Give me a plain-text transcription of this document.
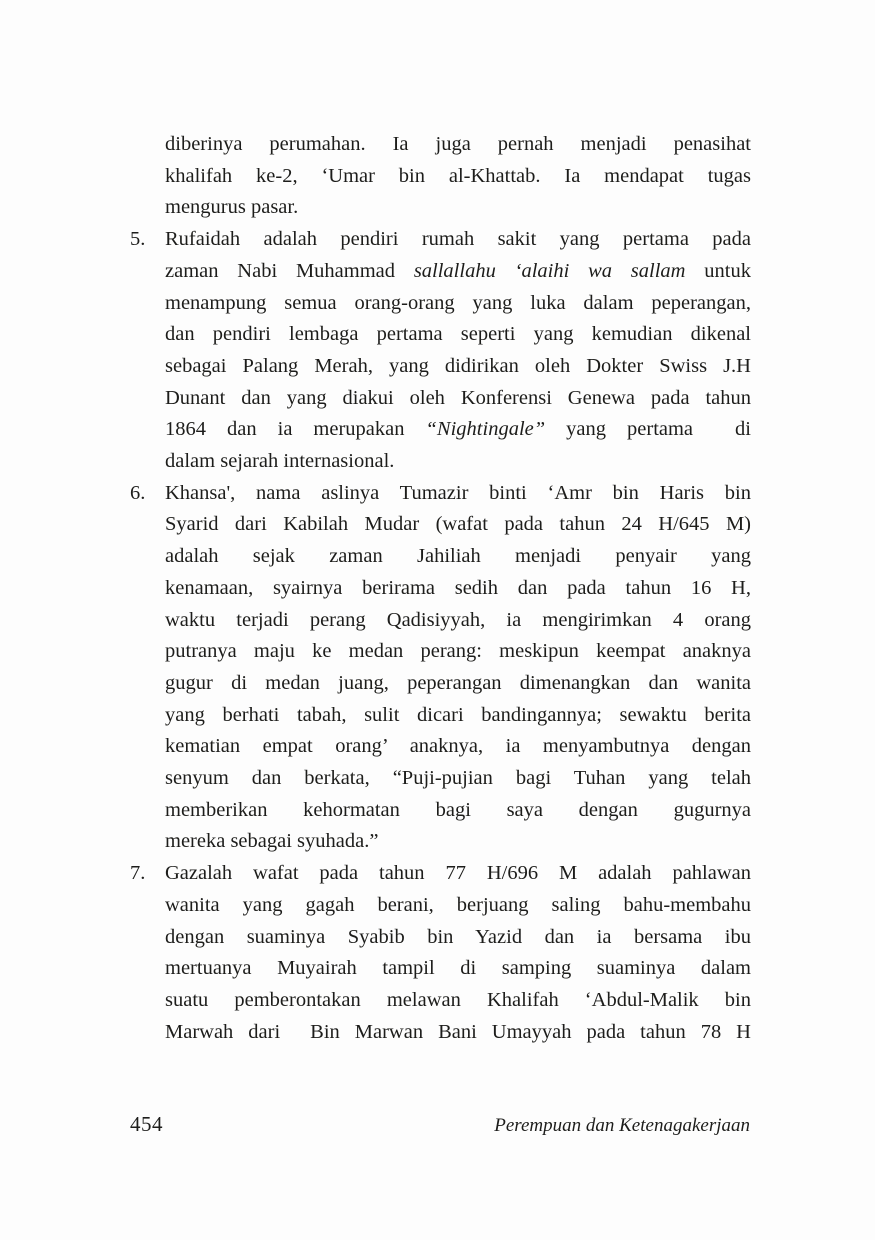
diberinya perumahan. Ia juga pernah menjadi penasihat
khalifah ke-2, ‘Umar bin al-Khattab. Ia mendapat tugas
mengurus pasar.
5. Rufaidah adalah pendiri rumah sakit yang pertama pada
zaman Nabi Muhammad sallallahu ‘alaihi wa sallam untuk
menampung semua orang-orang yang luka dalam peperangan,
dan pendiri lembaga pertama seperti yang kemudian dikenal
sebagai Palang Merah, yang didirikan oleh Dokter Swiss J.H
Dunant dan yang diakui oleh Konferensi Genewa pada tahun
1864 dan ia merupakan “Nightingale” yang pertama  di
dalam sejarah internasional.
6. Khansa', nama aslinya Tumazir binti ‘Amr bin Haris bin
Syarid dari Kabilah Mudar (wafat pada tahun 24 H/645 M)
adalah sejak zaman Jahiliah menjadi penyair yang
kenamaan, syairnya berirama sedih dan pada tahun 16 H,
waktu terjadi perang Qadisiyyah, ia mengirimkan 4 orang
putranya maju ke medan perang: meskipun keempat anaknya
gugur di medan juang, peperangan dimenangkan dan wanita
yang berhati tabah, sulit dicari bandingannya; sewaktu berita
kematian empat orang’ anaknya, ia menyambutnya dengan
senyum dan berkata, “Puji-pujian bagi Tuhan yang telah
memberikan kehormatan bagi saya dengan gugurnya
mereka sebagai syuhada.”
7. Gazalah wafat pada tahun 77 H/696 M adalah pahlawan
wanita yang gagah berani, berjuang saling bahu-membahu
dengan suaminya Syabib bin Yazid dan ia bersama ibu
mertuanya Muyairah tampil di samping suaminya dalam
suatu pemberontakan melawan Khalifah ‘Abdul-Malik bin
Marwah dari  Bin Marwan Bani Umayyah pada tahun 78 H
454	Perempuan dan Ketenagakerjaan
